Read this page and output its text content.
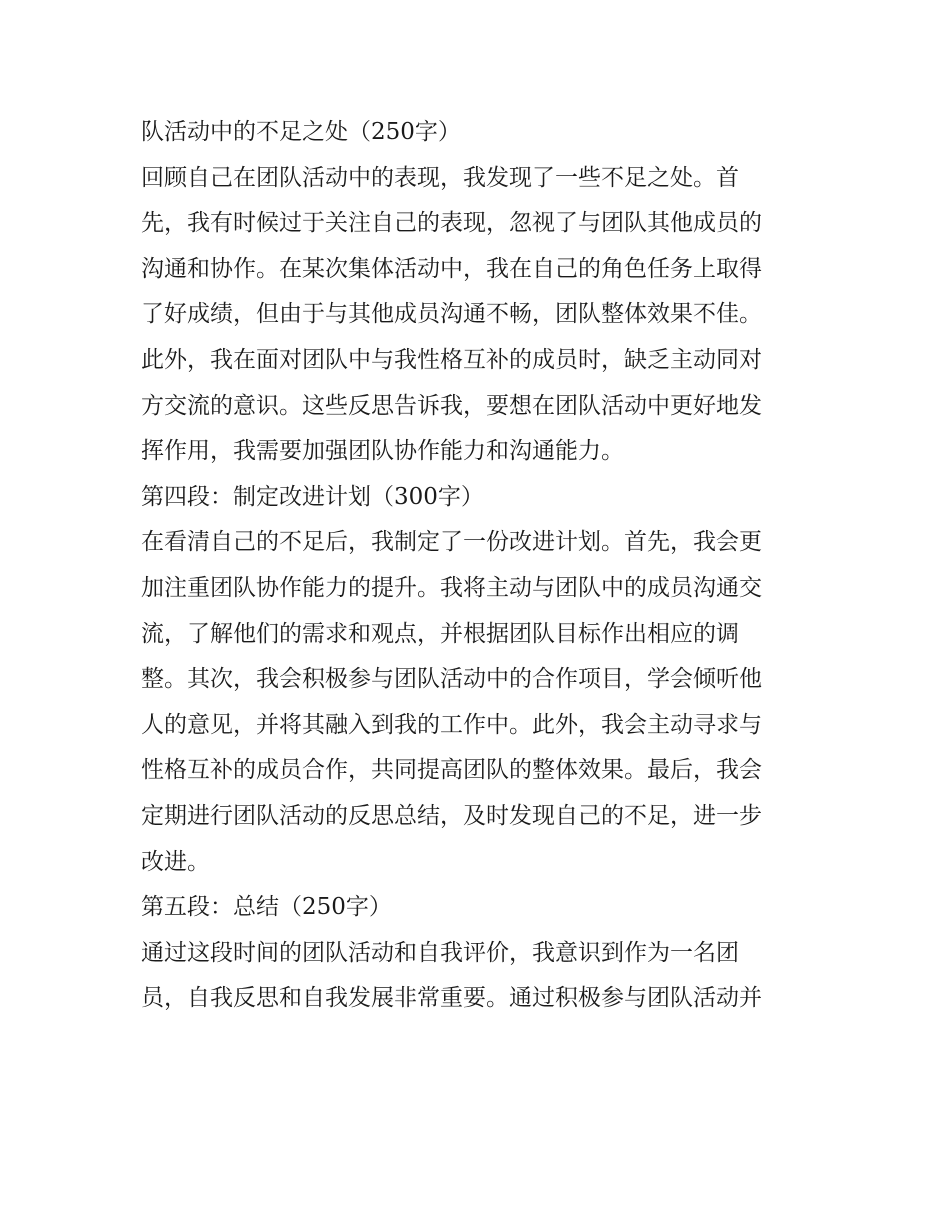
队活动中的不足之处（250字）
回顾自己在团队活动中的表现，我发现了一些不足之处。首
先，我有时候过于关注自己的表现，忽视了与团队其他成员的
沟通和协作。在某次集体活动中，我在自己的角色任务上取得
了好成绩，但由于与其他成员沟通不畅，团队整体效果不佳。
此外，我在面对团队中与我性格互补的成员时，缺乏主动同对
方交流的意识。这些反思告诉我，要想在团队活动中更好地发
挥作用，我需要加强团队协作能力和沟通能力。
第四段：制定改进计划（300字）
在看清自己的不足后，我制定了一份改进计划。首先，我会更
加注重团队协作能力的提升。我将主动与团队中的成员沟通交
流，了解他们的需求和观点，并根据团队目标作出相应的调
整。其次，我会积极参与团队活动中的合作项目，学会倾听他
人的意见，并将其融入到我的工作中。此外，我会主动寻求与
性格互补的成员合作，共同提高团队的整体效果。最后，我会
定期进行团队活动的反思总结，及时发现自己的不足，进一步
改进。
第五段：总结（250字）
通过这段时间的团队活动和自我评价，我意识到作为一名团
员，自我反思和自我发展非常重要。通过积极参与团队活动并
